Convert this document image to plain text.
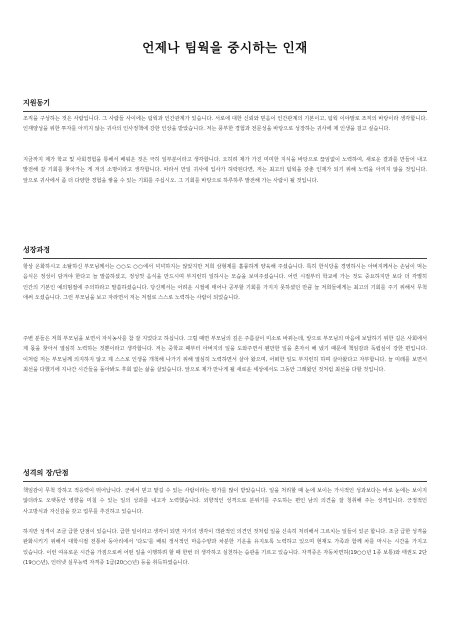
언제나 팀웍을 중시하는 인재
지원동기

조직을 구성하는 것은 사람입니다. 그 사람들 사이에는 팀웍과 인간관계가 있습니다. 서로에 대한 신뢰와 믿음이 인간관계의 기본이고, 팀웍 이야말로 조직의 바탕이라 생각합니다. 인재양성을 위한 투자를 아끼지 않는 귀사의 인사정책에 강한 인상을 받았습니다. 저는 풍부한 경험과 전문성을 바탕으로 성장하는 귀사에 제 인생을 걸고 싶습니다.

지금까지 제가 학교 및 사회경험을 통해서 배워온 것은 극히 일부분이라고 생각합니다. 오히려 제가 가진 미미한 지식을 바탕으로 끊임없이 노력하여, 새로운 결과를 만들어 내고 발전해 갈 기회를 찾아가는 게 저의 소명이라고 생각합니다. 따라서 만일 귀사에 입사가 허락된다면, 저는 최고의 팀웍을 갖춘 인재가 되기 위해 노력을 아끼지 않을 것입니다. 앞으로 귀사에서 좀 더 다양한 경험을 쌓을 수 있는 기회를 주십시오. 그 기회를 바탕으로 하루하루 발전해 가는 사람이 될 것입니다.

성장과정

항상 온화하시고 소탈하신 부모님께서는 ○○도 ○○에서 넉넉하지는 않았지만 저희 삼형제를 훌륭하게 양육해 주셨습니다. 특히 한식당을 경영하시는 아버지께서는 손님이 먹는 음식은 정성이 담겨야 한다고 늘 말씀하셨고, 정성껏 음식을 만드시며 부지런히 일하시는 모습을 보여주셨습니다. 어린 시절부터 학교에 가는 것도 중요하지만 보다 더 각별히 인간의 기본인 예의범절에 주의하라고 말씀하셨습니다. 당신께서는 어려운 시절에 태어나 공부할 기회를 가지지 못하셨던 만큼 늘 저희들에게는 최고의 기회를 주기 위해서 무척 애써 오셨습니다. 그런 부모님을 보고 자라면서 저는 저절로 스스로 노력하는 사람이 되었습니다.

주변 분들은 저희 부모님을 보면서 자식농사를 참 잘 지었다고 하십니다. 그럴 때면 부모님의 깊은 주름살이 미소로 바뀌는데, 앞으로 부모님의 마음에 보답하기 위한 길은 사회에서 제 몫을 찾아서 열심히 노력하는 것뿐이라고 생각합니다. 저는 중학교 때부터 아버지의 일을 도와주면서 웬만한 일을 혼자서 해 냈기 때문에 책임감과 독립심이 강한 편입니다. 이처럼 저는 부모님께 의지하지 않고 제 스스로 인생을 개척해 나가기 위해 열심히 노력하면서 살아 왔으며, 어떠한 일도 부지런히 하며 살아왔다고 자부합니다. 늘 미래를 보면서 최선을 다했기에 지나간 시간들을 돌아봐도 후회 없는 삶을 살았습니다. 앞으로 제가 만나게 될 새로운 세상에서도 그동안 그래왔던 것처럼 최선을 다할 것입니다.

성격의 장/단점

책임감이 무척 강하고 적응력이 뛰어납니다. 군에서 믿고 맡길 수 있는 사람이라는 평가를 많이 받았습니다. 일을 처리할 때 눈에 보이는 가시적인 성과보다는 바로 눈에는 보이지 않더라도 오랫동안 영향을 미칠 수 있는 일의 성과를 내고자 노력했습니다. 외향적인 성격으로 분위기를 주도하는 편인 남의 의견을 잘 청취해 주는 성격입니다. 긍정적인 사고방식과 자신감을 갖고 업무를 추진하고 있습니다.

하지만 성격이 조금 급한 단점이 있습니다. 급한 일이라고 생각이 되면 자기의 생각이 객관적인 의견인 것처럼 일을 신속히 처리해서 그르치는 일들이 있곤 합니다. 조금 급한 성격을 완화시키기 위해서 대학시절 전통차 동아리에서 '다도'를 배워 정서적인 마음수양과 차분한 기운을 유지토록 노력하고 있으며 현재도 가족과 함께 차를 마시는 시간을 가지고 있습니다. 이런 여유로운 시간을 가짐으로써 어떤 일을 이행하려 할 때 한번 더 생각하고 실천하는 습관을 기르고 있습니다. 자격증은 자동차면허(19○○년 1종 보통)와 태권도 2단(19○○년), 인터넷 실무능력 자격증 1급(20○○년) 등을 취득하였습니다.
